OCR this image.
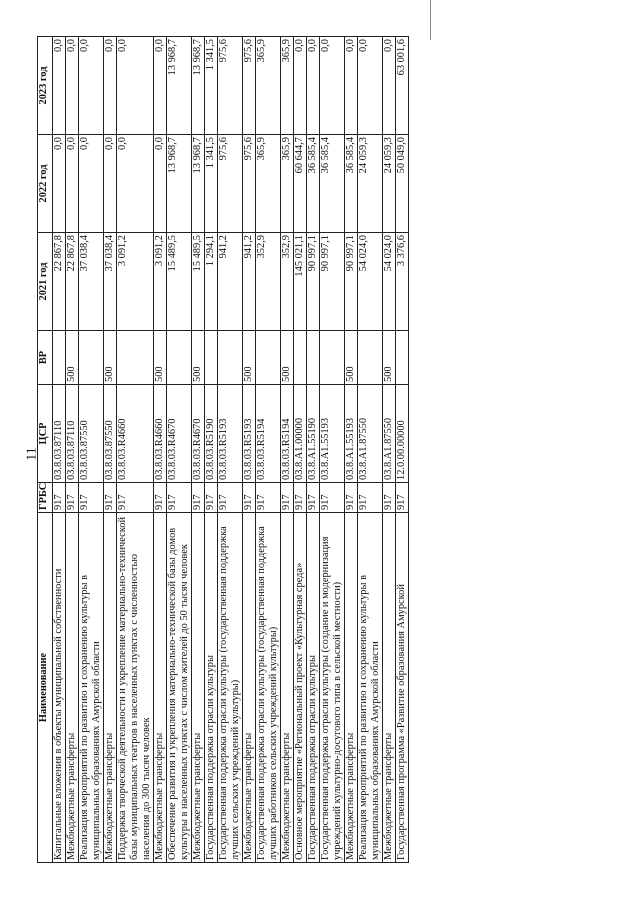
11
Наименование	ГРБС	ЦСР	ВР	2021 год	2022 год	2023 год
Капитальные вложения в объекты муниципальной собственности	917	03.8.03.87110		22 867,8	0,0	0,0
Межбюджетные трансферты	917	03.8.03.87110	500	22 867,8	0,0	0,0
Реализация мероприятий по развитию и сохранению культуры в муниципальных образованиях Амурской области	917	03.8.03.87550		37 038,4	0,0	0,0
Межбюджетные трансферты	917	03.8.03.87550	500	37 038,4	0,0	0,0
Поддержка творческой деятельности и укрепление материально-технической базы муниципальных театров в населенных пунктах с численностью населения до 300 тысяч человек	917	03.8.03.R4660		3 091,2	0,0	0,0
Межбюджетные трансферты	917	03.8.03.R4660	500	3 091,2	0,0	0,0
Обеспечение развития и укрепления материально-технической базы домов культуры в населенных пунктах с числом жителей до 50 тысяч человек	917	03.8.03.R4670		15 489,5	13 968,7	13 968,7
Межбюджетные трансферты	917	03.8.03.R4670	500	15 489,5	13 968,7	13 968,7
Государственная поддержка отрасли культуры	917	03.8.03.R5190		1 294,1	1 341,5	1 341,5
Государственная поддержка отрасли культуры (государственная поддержка лучших сельских учреждений культуры)	917	03.8.03.R5193		941,2	975,6	975,6
Межбюджетные трансферты	917	03.8.03.R5193	500	941,2	975,6	975,6
Государственная поддержка отрасли культуры (государственная поддержка лучших работников сельских учреждений культуры)	917	03.8.03.R5194		352,9	365,9	365,9
Межбюджетные трансферты	917	03.8.03.R5194	500	352,9	365,9	365,9
Основное мероприятие «Региональный проект «Культурная среда»	917	03.8.A1.00000		145 021,1	60 644,7	0,0
Государственная поддержка отрасли культуры	917	03.8.A1.55190		90 997,1	36 585,4	0,0
Государственная поддержка отрасли культуры (создание и модернизация учреждений культурно-досугового типа в сельской местности)	917	03.8.A1.55193		90 997,1	36 585,4	0,0
Межбюджетные трансферты	917	03.8.A1.55193	500	90 997,1	36 585,4	0,0
Реализация мероприятий по развитию и сохранению культуры в муниципальных образованиях Амурской области	917	03.8.A1.87550		54 024,0	24 059,3	0,0
Межбюджетные трансферты	917	03.8.A1.87550	500	54 024,0	24 059,3	0,0
Государственная программа «Развитие образования Амурской	917	12.0.00.00000		3 376,6	50 049,0	63 001,6
